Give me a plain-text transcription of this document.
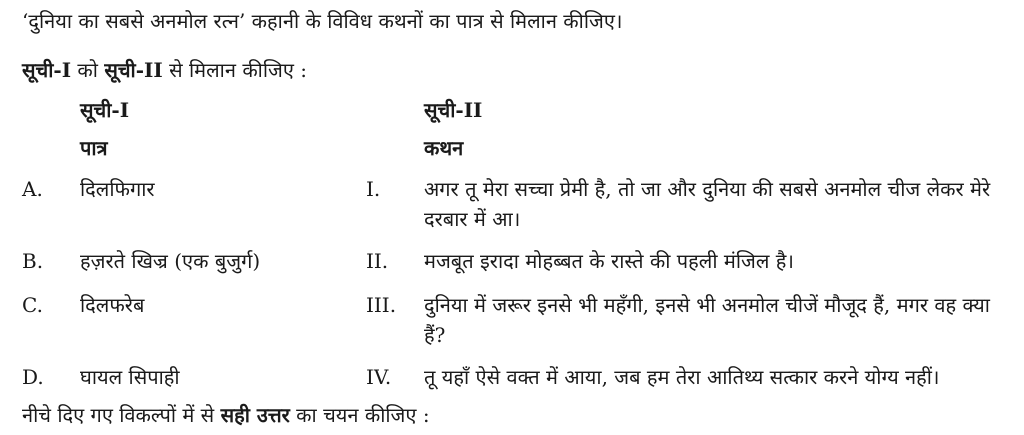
‘दुनिया का सबसे अनमोल रत्न’ कहानी के विविध कथनों का पात्र से मिलान कीजिए।
सूची-I को सूची-II से मिलान कीजिए :
सूची-I	सूची-II
पात्र	कथन
A. दिलफिगार	I. अगर तू मेरा सच्चा प्रेमी है, तो जा और दुनिया की सबसे अनमोल चीज लेकर मेरे दरबार में आ।
B. हज़रते खिज्र (एक बुजुर्ग)	II. मजबूत इरादा मोहब्बत के रास्ते की पहली मंजिल है।
C. दिलफरेब	III. दुनिया में जरूर इनसे भी महँगी, इनसे भी अनमोल चीजें मौजूद हैं, मगर वह क्या हैं?
D. घायल सिपाही	IV. तू यहाँ ऐसे वक्त में आया, जब हम तेरा आतिथ्य सत्कार करने योग्य नहीं।
नीचे दिए गए विकल्पों में से सही उत्तर का चयन कीजिए :
